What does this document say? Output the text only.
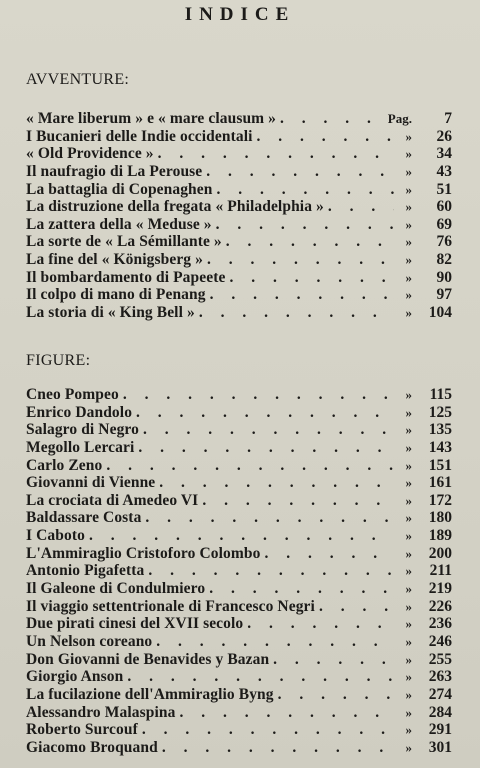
INDICE
AVVENTURE:
« Mare liberum » e « mare clausum » . . .	Pag.	7
I Bucanieri delle Indie occidentali . . .	»	26
« Old Providence » . . .	»	34
Il naufragio di La Perouse . . .	»	43
La battaglia di Copenaghen . . .	»	51
La distruzione della fregata « Philadelphia » . . .	»	60
La zattera della « Meduse » . . .	»	69
La sorte de « La Sémillante » . . .	»	76
La fine del « Königsberg » . . .	»	82
Il bombardamento di Papeete . . .	»	90
Il colpo di mano di Penang . . .	»	97
La storia di « King Bell » . . .	»	104
FIGURE:
Cneo Pompeo . . .	»	115
Enrico Dandolo . . .	»	125
Salagro di Negro . . .	»	135
Megollo Lercari . . .	»	143
Carlo Zeno . . .	»	151
Giovanni di Vienne . . .	»	161
La crociata di Amedeo VI . . .	»	172
Baldassare Costa . . .	»	180
I Caboto . . .	»	189
L'Ammiraglio Cristoforo Colombo . . .	»	200
Antonio Pigafetta . . .	»	211
Il Galeone di Condulmiero . . .	»	219
Il viaggio settentrionale di Francesco Negri . . .	»	226
Due pirati cinesi del XVII secolo . . .	»	236
Un Nelson coreano . . .	»	246
Don Giovanni de Benavides y Bazan . . .	»	255
Giorgio Anson . . .	»	263
La fucilazione dell'Ammiraglio Byng . . .	»	274
Alessandro Malaspina . . .	»	284
Roberto Surcouf . . .	»	291
Giacomo Broquand . . .	»	301
